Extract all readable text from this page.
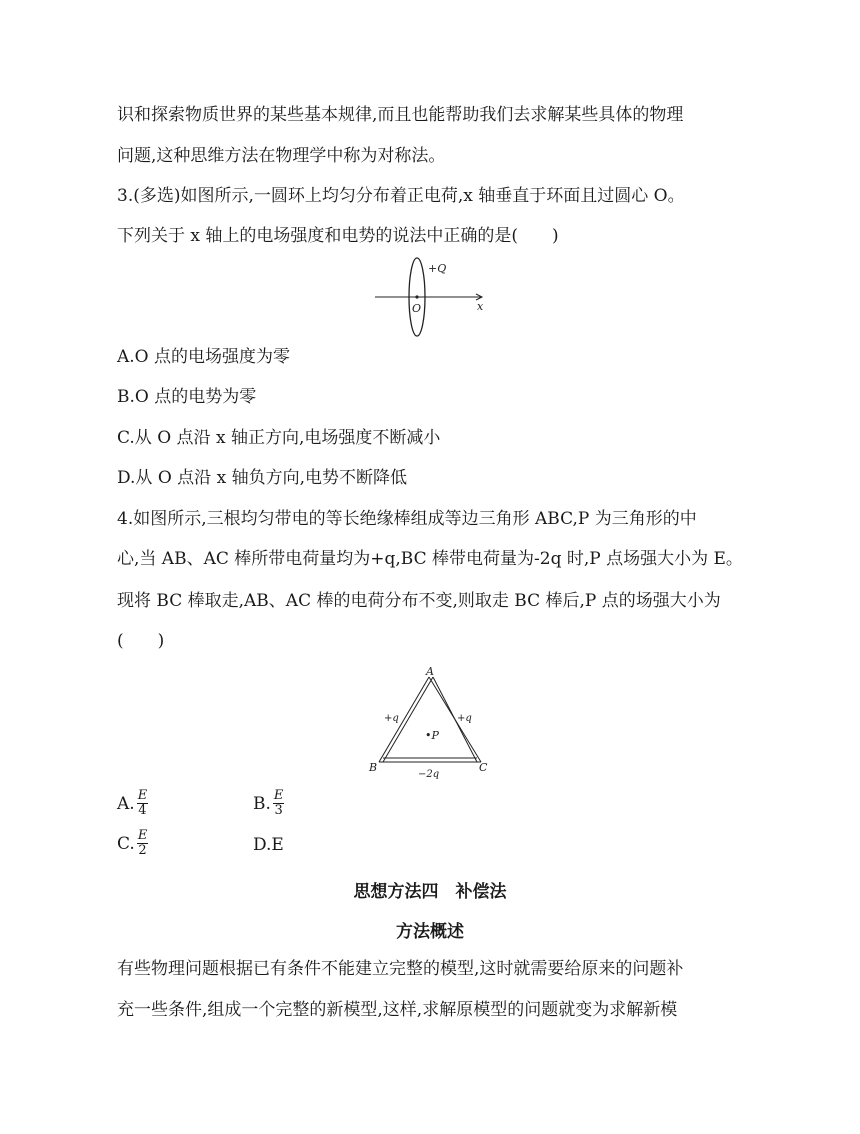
识和探索物质世界的某些基本规律,而且也能帮助我们去求解某些具体的物理
问题,这种思维方法在物理学中称为对称法。
3.(多选)如图所示,一圆环上均匀分布着正电荷,x 轴垂直于环面且过圆心 O。
下列关于 x 轴上的电场强度和电势的说法中正确的是(　　)
+Q
O	x
A.O 点的电场强度为零
B.O 点的电势为零
C.从 O 点沿 x 轴正方向,电场强度不断减小
D.从 O 点沿 x 轴负方向,电势不断降低
4.如图所示,三根均匀带电的等长绝缘棒组成等边三角形 ABC,P 为三角形的中
心,当 AB、AC 棒所带电荷量均为+q,BC 棒带电荷量为-2q 时,P 点场强大小为 E。
现将 BC 棒取走,AB、AC 棒的电荷分布不变,则取走 BC 棒后,P 点的场强大小为
(　　)
A
B	C
+q	+q
−2q
•P
A. $\frac{E}{4}$	B. $\frac{E}{3}$
C. $\frac{E}{2}$	D.E
思想方法四　补偿法
方法概述
有些物理问题根据已有条件不能建立完整的模型,这时就需要给原来的问题补
充一些条件,组成一个完整的新模型,这样,求解原模型的问题就变为求解新模
